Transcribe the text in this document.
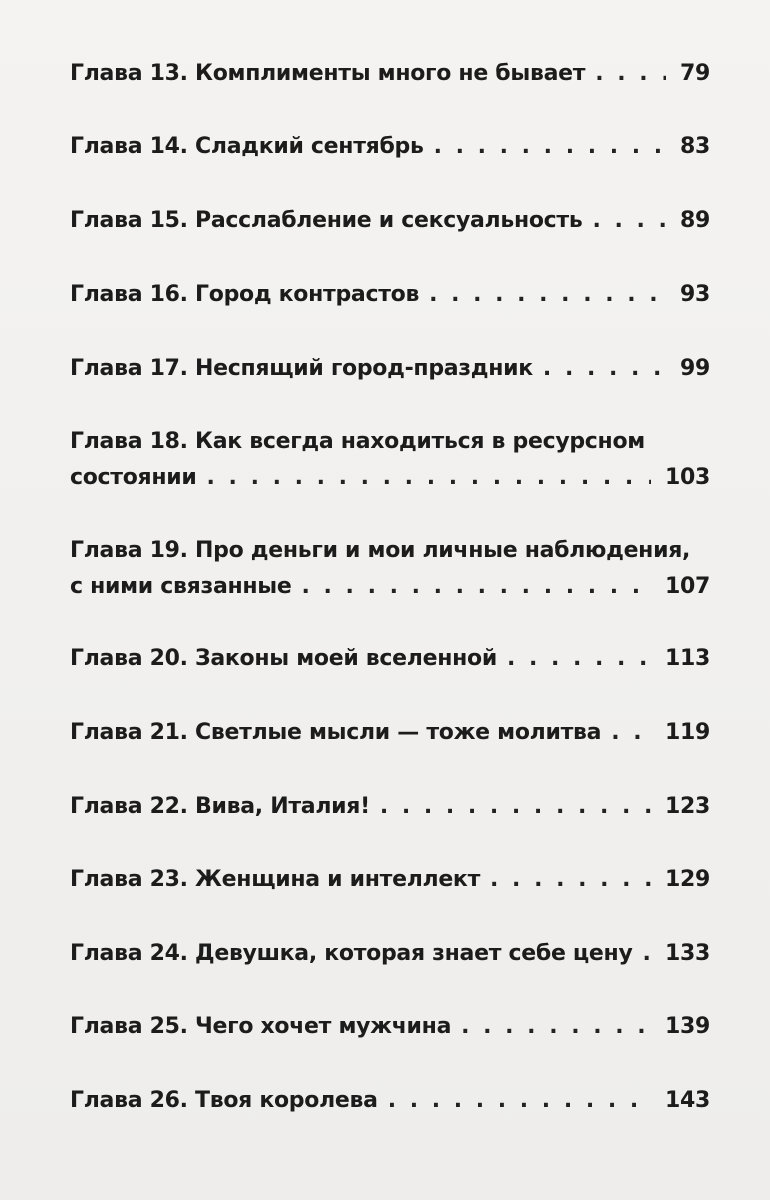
Глава 13. Комплименты много не бывает . . .	79
Глава 14. Сладкий сентябрь . . .	83
Глава 15. Расслабление и сексуальность . . .	89
Глава 16. Город контрастов . . .	93
Глава 17. Неспящий город-праздник . . .	99
Глава 18. Как всегда находиться в ресурсном
состоянии . . .	103
Глава 19. Про деньги и мои личные наблюдения,
с ними связанные . . .	107
Глава 20. Законы моей вселенной . . .	113
Глава 21. Светлые мысли — тоже молитва . . .	119
Глава 22. Вива, Италия! . . .	123
Глава 23. Женщина и интеллект . . .	129
Глава 24. Девушка, которая знает себе цену . . . 133
Глава 25. Чего хочет мужчина . . .	139
Глава 26. Твоя королева . . .	143
